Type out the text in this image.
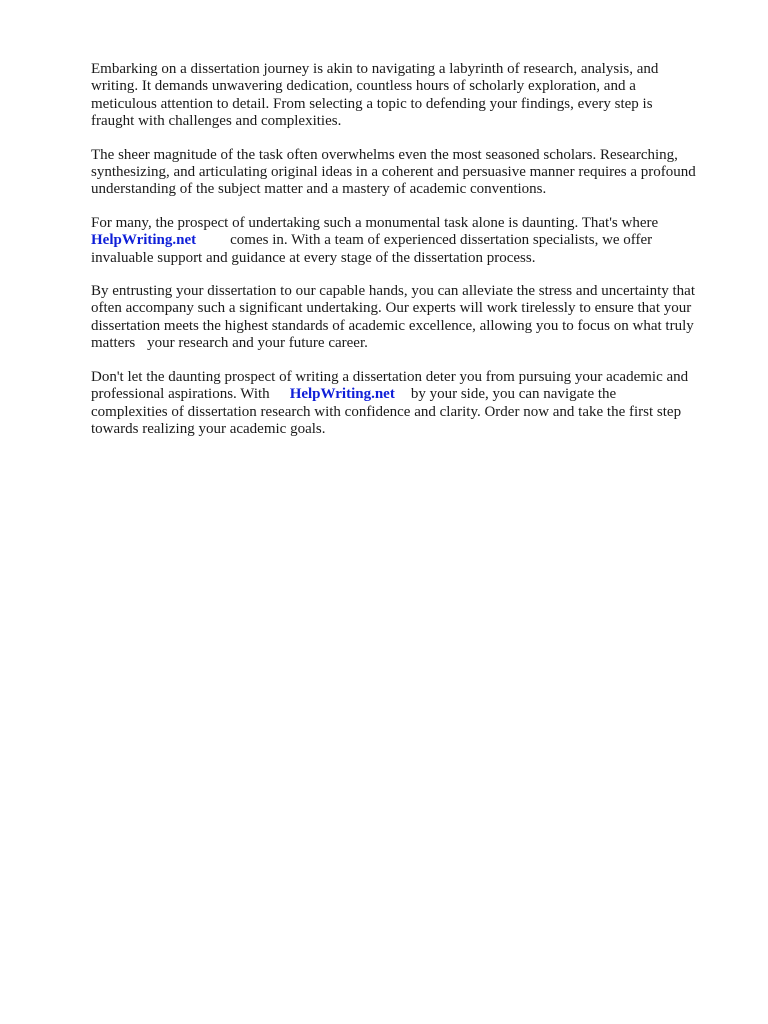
Embarking on a dissertation journey is akin to navigating a labyrinth of research, analysis, and
writing. It demands unwavering dedication, countless hours of scholarly exploration, and a
meticulous attention to detail. From selecting a topic to defending your findings, every step is
fraught with challenges and complexities.

The sheer magnitude of the task often overwhelms even the most seasoned scholars. Researching,
synthesizing, and articulating original ideas in a coherent and persuasive manner requires a profound
understanding of the subject matter and a mastery of academic conventions.

For many, the prospect of undertaking such a monumental task alone is daunting. That's where
HelpWriting.net comes in. With a team of experienced dissertation specialists, we offer
invaluable support and guidance at every stage of the dissertation process.

By entrusting your dissertation to our capable hands, you can alleviate the stress and uncertainty that
often accompany such a significant undertaking. Our experts will work tirelessly to ensure that your
dissertation meets the highest standards of academic excellence, allowing you to focus on what truly
matters your research and your future career.

Don't let the daunting prospect of writing a dissertation deter you from pursuing your academic and
professional aspirations. With HelpWriting.net by your side, you can navigate the
complexities of dissertation research with confidence and clarity. Order now and take the first step
towards realizing your academic goals.
